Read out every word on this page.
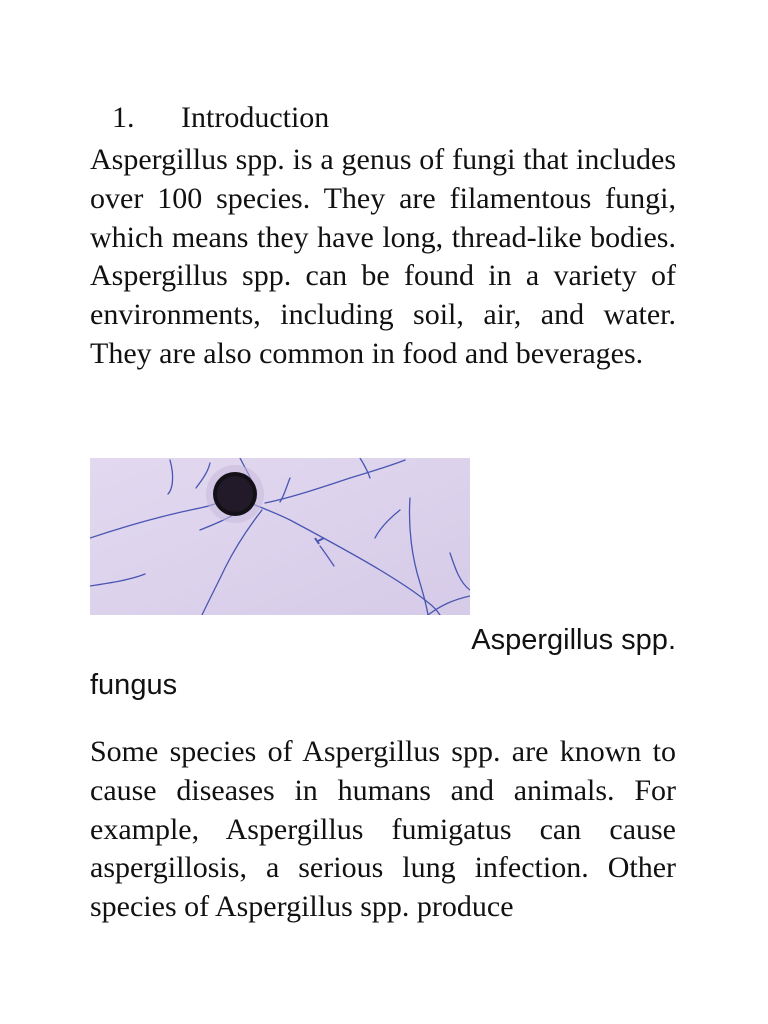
1. Introduction

Aspergillus spp. is a genus of fungi that includes over 100 species. They are filamentous fungi, which means they have long, thread-like bodies. Aspergillus spp. can be found in a variety of environments, including soil, air, and water. They are also common in food and beverages.

Aspergillus spp.
fungus

Some species of Aspergillus spp. are known to cause diseases in humans and animals. For example, Aspergillus fumigatus can cause aspergillosis, a serious lung infection. Other species of Aspergillus spp. produce
